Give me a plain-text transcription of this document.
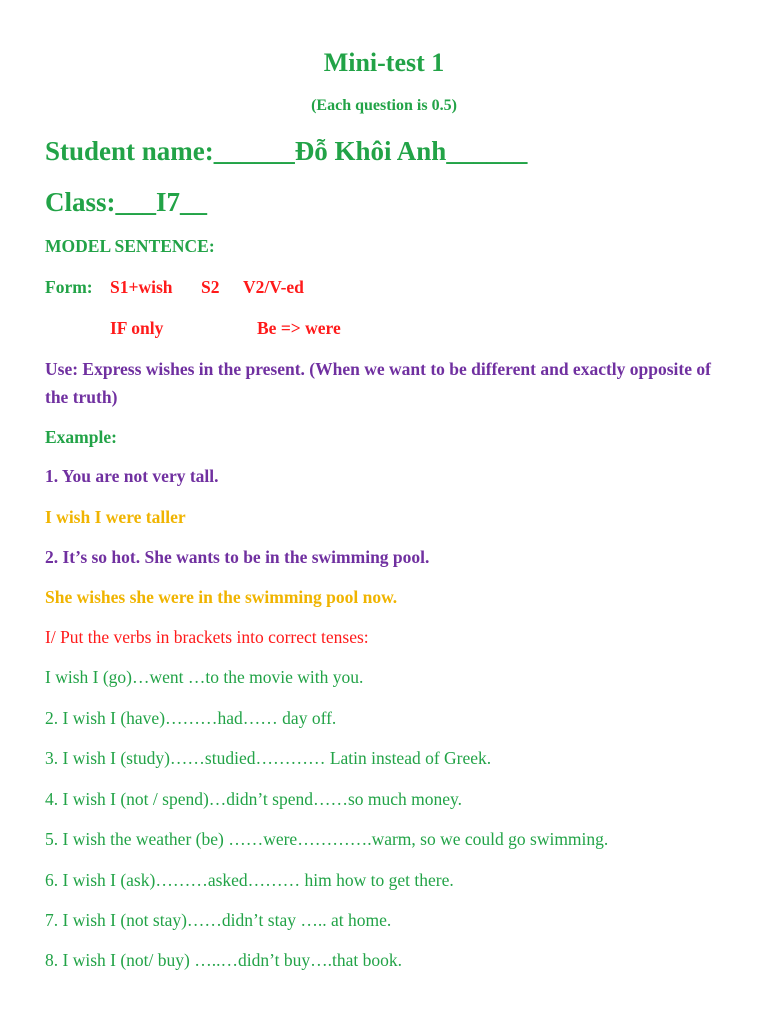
Mini-test 1
(Each question is 0.5)
Student name:______Đỗ Khôi Anh______
Class:___I7__
MODEL SENTENCE:
Form: S1+wish S2 V2/V-ed
IF only	Be => were
Use: Express wishes in the present. (When we want to be different and exactly opposite of the truth)
Example:
1. You are not very tall.
I wish I were taller
2. It’s so hot. She wants to be in the swimming pool.
She wishes she were in the swimming pool now.
I/ Put the verbs in brackets into correct tenses:
I wish I (go)…went …to the movie with you.
2. I wish I (have)………had…… day off.
3. I wish I (study)……studied………… Latin instead of Greek.
4. I wish I (not / spend)…didn’t spend……so much money.
5. I wish the weather (be) ……were………….warm, so we could go swimming.
6. I wish I (ask)………asked……… him how to get there.
7. I wish I (not stay)……didn’t stay ….. at home.
8. I wish I (not/ buy) …..…didn’t buy….that book.
